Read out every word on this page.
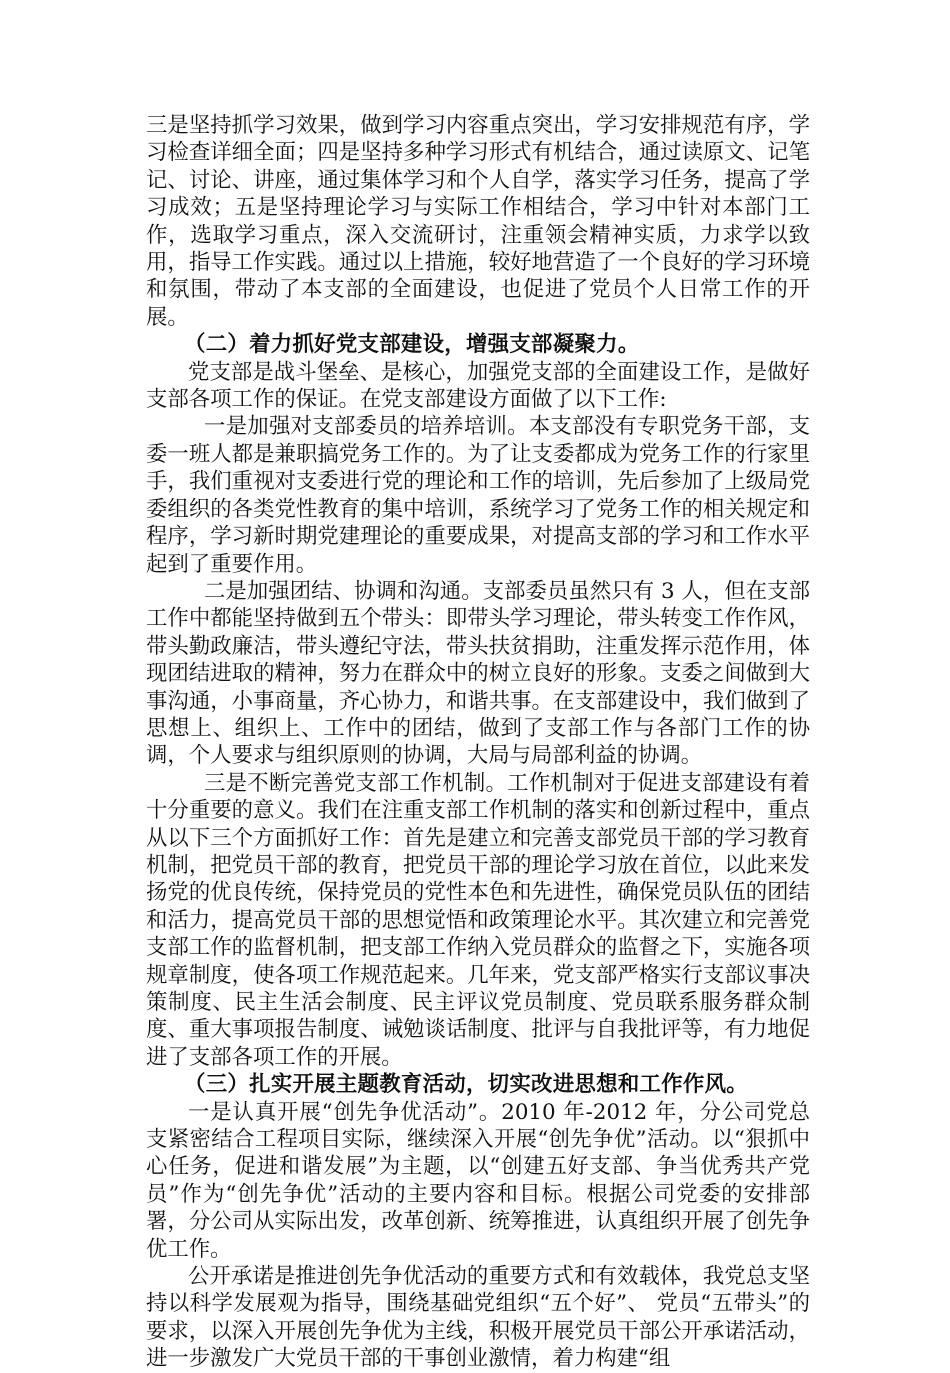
三是坚持抓学习效果，做到学习内容重点突出，学习安排规范有序，学习检查详细全面；四是坚持多种学习形式有机结合，通过读原文、记笔记、讨论、讲座，通过集体学习和个人自学，落实学习任务，提高了学习成效；五是坚持理论学习与实际工作相结合，学习中针对本部门工作，选取学习重点，深入交流研讨，注重领会精神实质，力求学以致用，指导工作实践。通过以上措施，较好地营造了一个良好的学习环境和氛围，带动了本支部的全面建设，也促进了党员个人日常工作的开展。

（二）着力抓好党支部建设，增强支部凝聚力。

党支部是战斗堡垒、是核心，加强党支部的全面建设工作，是做好支部各项工作的保证。在党支部建设方面做了以下工作:

一是加强对支部委员的培养培训。本支部没有专职党务干部，支委一班人都是兼职搞党务工作的。为了让支委都成为党务工作的行家里手，我们重视对支委进行党的理论和工作的培训，先后参加了上级局党委组织的各类党性教育的集中培训，系统学习了党务工作的相关规定和程序，学习新时期党建理论的重要成果，对提高支部的学习和工作水平起到了重要作用。

二是加强团结、协调和沟通。支部委员虽然只有 3 人，但在支部工作中都能坚持做到五个带头：即带头学习理论，带头转变工作作风，带头勤政廉洁，带头遵纪守法，带头扶贫捐助，注重发挥示范作用，体现团结进取的精神，努力在群众中的树立良好的形象。支委之间做到大事沟通，小事商量，齐心协力，和谐共事。在支部建设中，我们做到了思想上、组织上、工作中的团结，做到了支部工作与各部门工作的协调，个人要求与组织原则的协调，大局与局部利益的协调。

三是不断完善党支部工作机制。工作机制对于促进支部建设有着十分重要的意义。我们在注重支部工作机制的落实和创新过程中，重点从以下三个方面抓好工作：首先是建立和完善支部党员干部的学习教育机制，把党员干部的教育，把党员干部的理论学习放在首位，以此来发扬党的优良传统，保持党员的党性本色和先进性，确保党员队伍的团结和活力，提高党员干部的思想觉悟和政策理论水平。其次建立和完善党支部工作的监督机制，把支部工作纳入党员群众的监督之下，实施各项规章制度，使各项工作规范起来。几年来，党支部严格实行支部议事决策制度、民主生活会制度、民主评议党员制度、党员联系服务群众制度、重大事项报告制度、诫勉谈话制度、批评与自我批评等，有力地促进了支部各项工作的开展。

（三）扎实开展主题教育活动，切实改进思想和工作作风。

一是认真开展“创先争优活动”。2010 年-2012 年，分公司党总支紧密结合工程项目实际，继续深入开展“创先争优”活动。以“狠抓中心任务，促进和谐发展”为主题，以“创建五好支部、争当优秀共产党员”作为“创先争优”活动的主要内容和目标。根据公司党委的安排部署，分公司从实际出发，改革创新、统筹推进，认真组织开展了创先争优工作。

公开承诺是推进创先争优活动的重要方式和有效载体，我党总支坚持以科学发展观为指导，围绕基础党组织“五个好”、 党员“五带头”的要求，以深入开展创先争优为主线，积极开展党员干部公开承诺活动，进一步激发广大党员干部的干事创业激情，着力构建“组
